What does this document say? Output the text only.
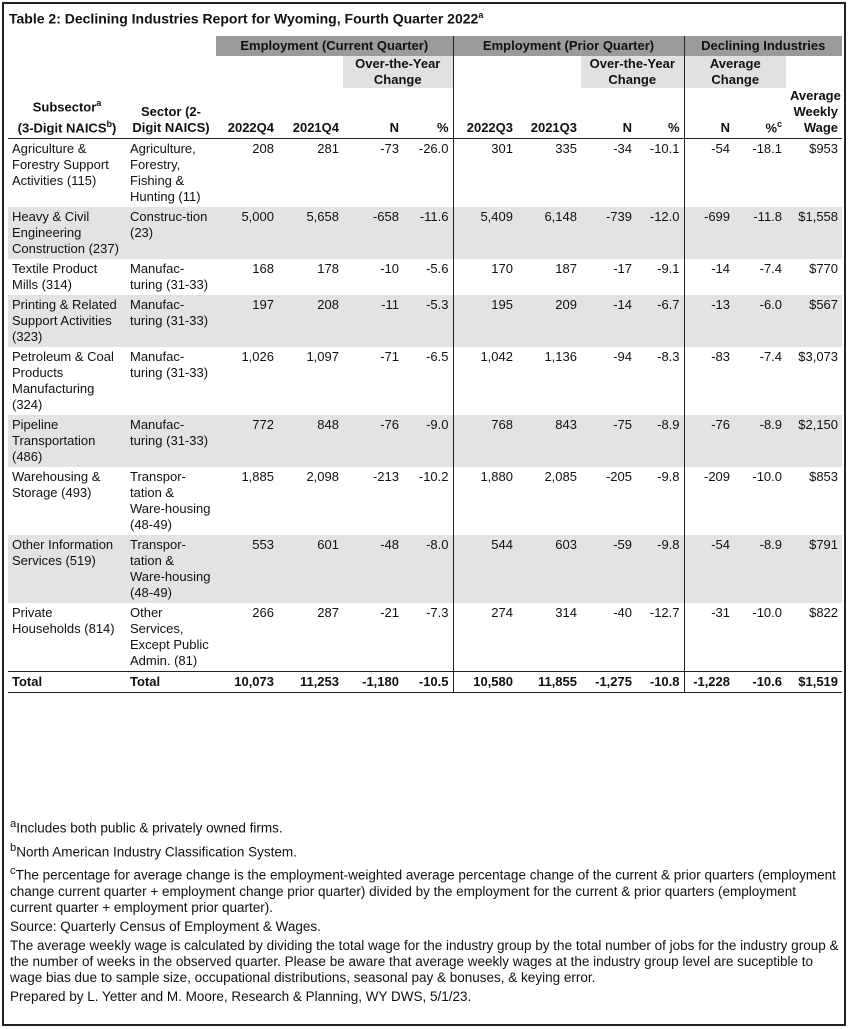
Table 2: Declining Industries Report for Wyoming, Fourth Quarter 2022$^a$
		Employment (Current Quarter)				Employment (Prior Quarter)				Declining Industries		
				Over-the-Year Change				Over-the-Year Change		Average Change		
Subsector$^a$
(3-Digit NAICS$^b$)	Sector (2-Digit NAICS)	2022Q4	2021Q4	N	%	2022Q3	2021Q3	N	%	N	%$^c$	Average Weekly Wage
Agriculture & Forestry Support Activities (115)	Agriculture, Forestry, Fishing & Hunting (11)	208	281	-73	-26.0	301	335	-34	-10.1	-54	-18.1	$953
Heavy & Civil Engineering Construction (237)	Construc-tion (23)	5,000	5,658	-658	-11.6	5,409	6,148	-739	-12.0	-699	-11.8	$1,558
Textile Product Mills (314)	Manufac-turing (31-33)	168	178	-10	-5.6	170	187	-17	-9.1	-14	-7.4	$770
Printing & Related Support Activities (323)	Manufac-turing (31-33)	197	208	-11	-5.3	195	209	-14	-6.7	-13	-6.0	$567
Petroleum & Coal Products Manufacturing (324)	Manufac-turing (31-33)	1,026	1,097	-71	-6.5	1,042	1,136	-94	-8.3	-83	-7.4	$3,073
Pipeline Transportation (486)	Manufac-turing (31-33)	772	848	-76	-9.0	768	843	-75	-8.9	-76	-8.9	$2,150
Warehousing & Storage (493)	Transpor-tation & Ware-housing (48-49)	1,885	2,098	-213	-10.2	1,880	2,085	-205	-9.8	-209	-10.0	$853
Other Information Services (519)	Transpor-tation & Ware-housing (48-49)	553	601	-48	-8.0	544	603	-59	-9.8	-54	-8.9	$791
Private Households (814)	Other Services, Except Public Admin. (81)	266	287	-21	-7.3	274	314	-40	-12.7	-31	-10.0	$822
Total	Total	10,073	11,253	-1,180	-10.5	10,580	11,855	-1,275	-10.8	-1,228	-10.6	$1,519
$^a$Includes both public & privately owned firms.
$^b$North American Industry Classification System.
$^c$The percentage for average change is the employment-weighted average percentage change of the current & prior quarters (employment change current quarter + employment change prior quarter) divided by the employment for the current & prior quarters (employment current quarter + employment prior quarter).
Source: Quarterly Census of Employment & Wages.
The average weekly wage is calculated by dividing the total wage for the industry group by the total number of jobs for the industry group & the number of weeks in the observed quarter. Please be aware that average weekly wages at the industry group level are suceptible to wage bias due to sample size, occupational distributions, seasonal pay & bonuses, & keying error.
Prepared by L. Yetter and M. Moore, Research & Planning, WY DWS, 5/1/23.
